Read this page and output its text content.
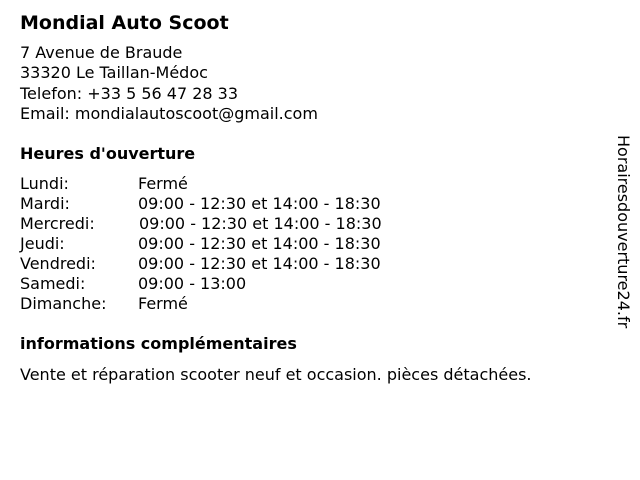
Mondial Auto Scoot
7 Avenue de Braude
33320 Le Taillan-Médoc
Telefon: +33 5 56 47 28 33
Email: mondialautoscoot@gmail.com
Heures d'ouverture
Lundi:	Fermé
Mardi:	09:00 - 12:30 et 14:00 - 18:30
Mercredi:	09:00 - 12:30 et 14:00 - 18:30
Jeudi:	09:00 - 12:30 et 14:00 - 18:30
Vendredi:	09:00 - 12:30 et 14:00 - 18:30
Samedi:	09:00 - 13:00
Dimanche: Fermé
informations complémentaires
Vente et réparation scooter neuf et occasion. pièces détachées.
Horairesdouverture24.fr
